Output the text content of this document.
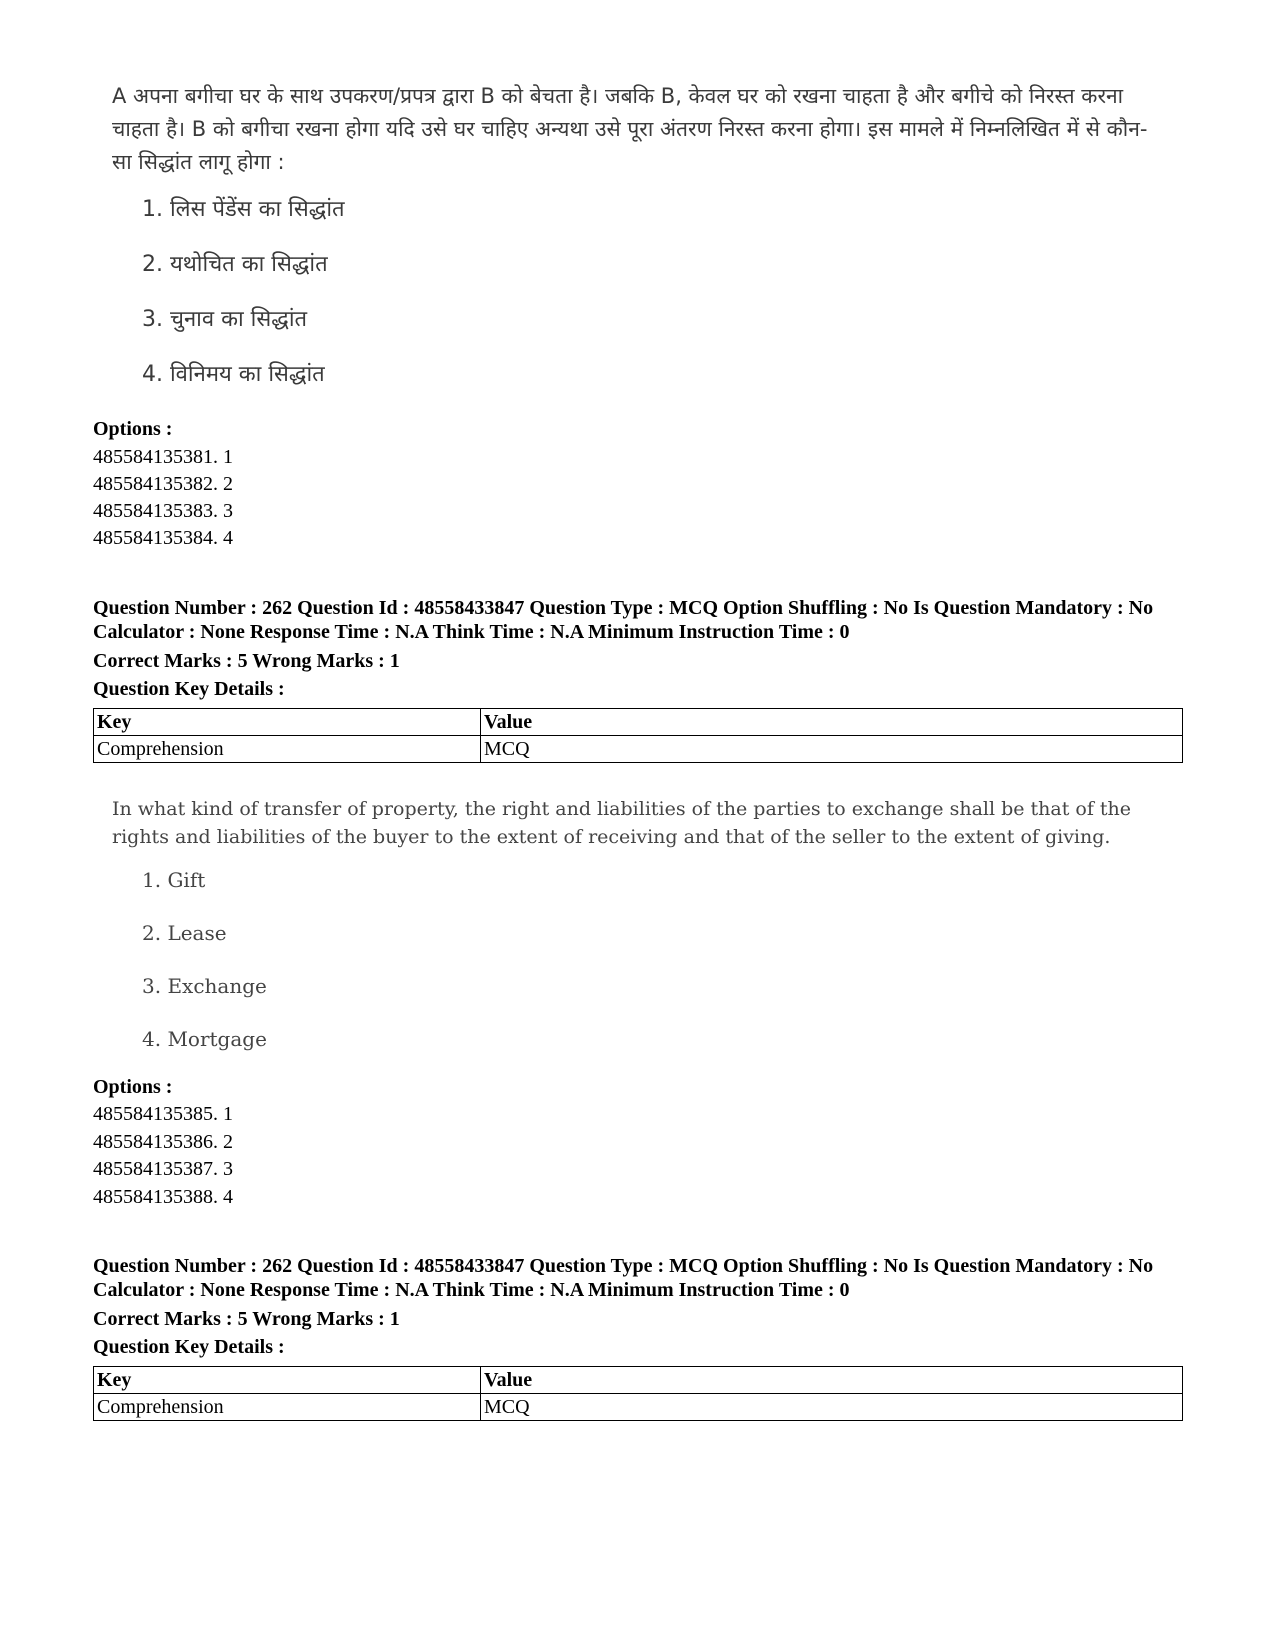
A अपना बगीचा घर के साथ उपकरण/प्रपत्र द्वारा B को बेचता है। जबकि B, केवल घर को रखना चाहता है और बगीचे को निरस्त करना चाहता है। B को बगीचा रखना होगा यदि उसे घर चाहिए अन्यथा उसे पूरा अंतरण निरस्त करना होगा। इस मामले में निम्नलिखित में से कौन-सा सिद्धांत लागू होगा :
1. लिस पेंडेंस का सिद्धांत
2. यथोचित का सिद्धांत
3. चुनाव का सिद्धांत
4. विनिमय का सिद्धांत
Options :
485584135381. 1
485584135382. 2
485584135383. 3
485584135384. 4
Question Number : 262 Question Id : 48558433847 Question Type : MCQ Option Shuffling : No Is Question Mandatory : No Calculator : None Response Time : N.A Think Time : N.A Minimum Instruction Time : 0
Correct Marks : 5 Wrong Marks : 1
Question Key Details :
Key	Value
Comprehension	MCQ
In what kind of transfer of property, the right and liabilities of the parties to exchange shall be that of the rights and liabilities of the buyer to the extent of receiving and that of the seller to the extent of giving.
1. Gift
2. Lease
3. Exchange
4. Mortgage
Options :
485584135385. 1
485584135386. 2
485584135387. 3
485584135388. 4
Question Number : 262 Question Id : 48558433847 Question Type : MCQ Option Shuffling : No Is Question Mandatory : No Calculator : None Response Time : N.A Think Time : N.A Minimum Instruction Time : 0
Correct Marks : 5 Wrong Marks : 1
Question Key Details :
Key	Value
Comprehension	MCQ
